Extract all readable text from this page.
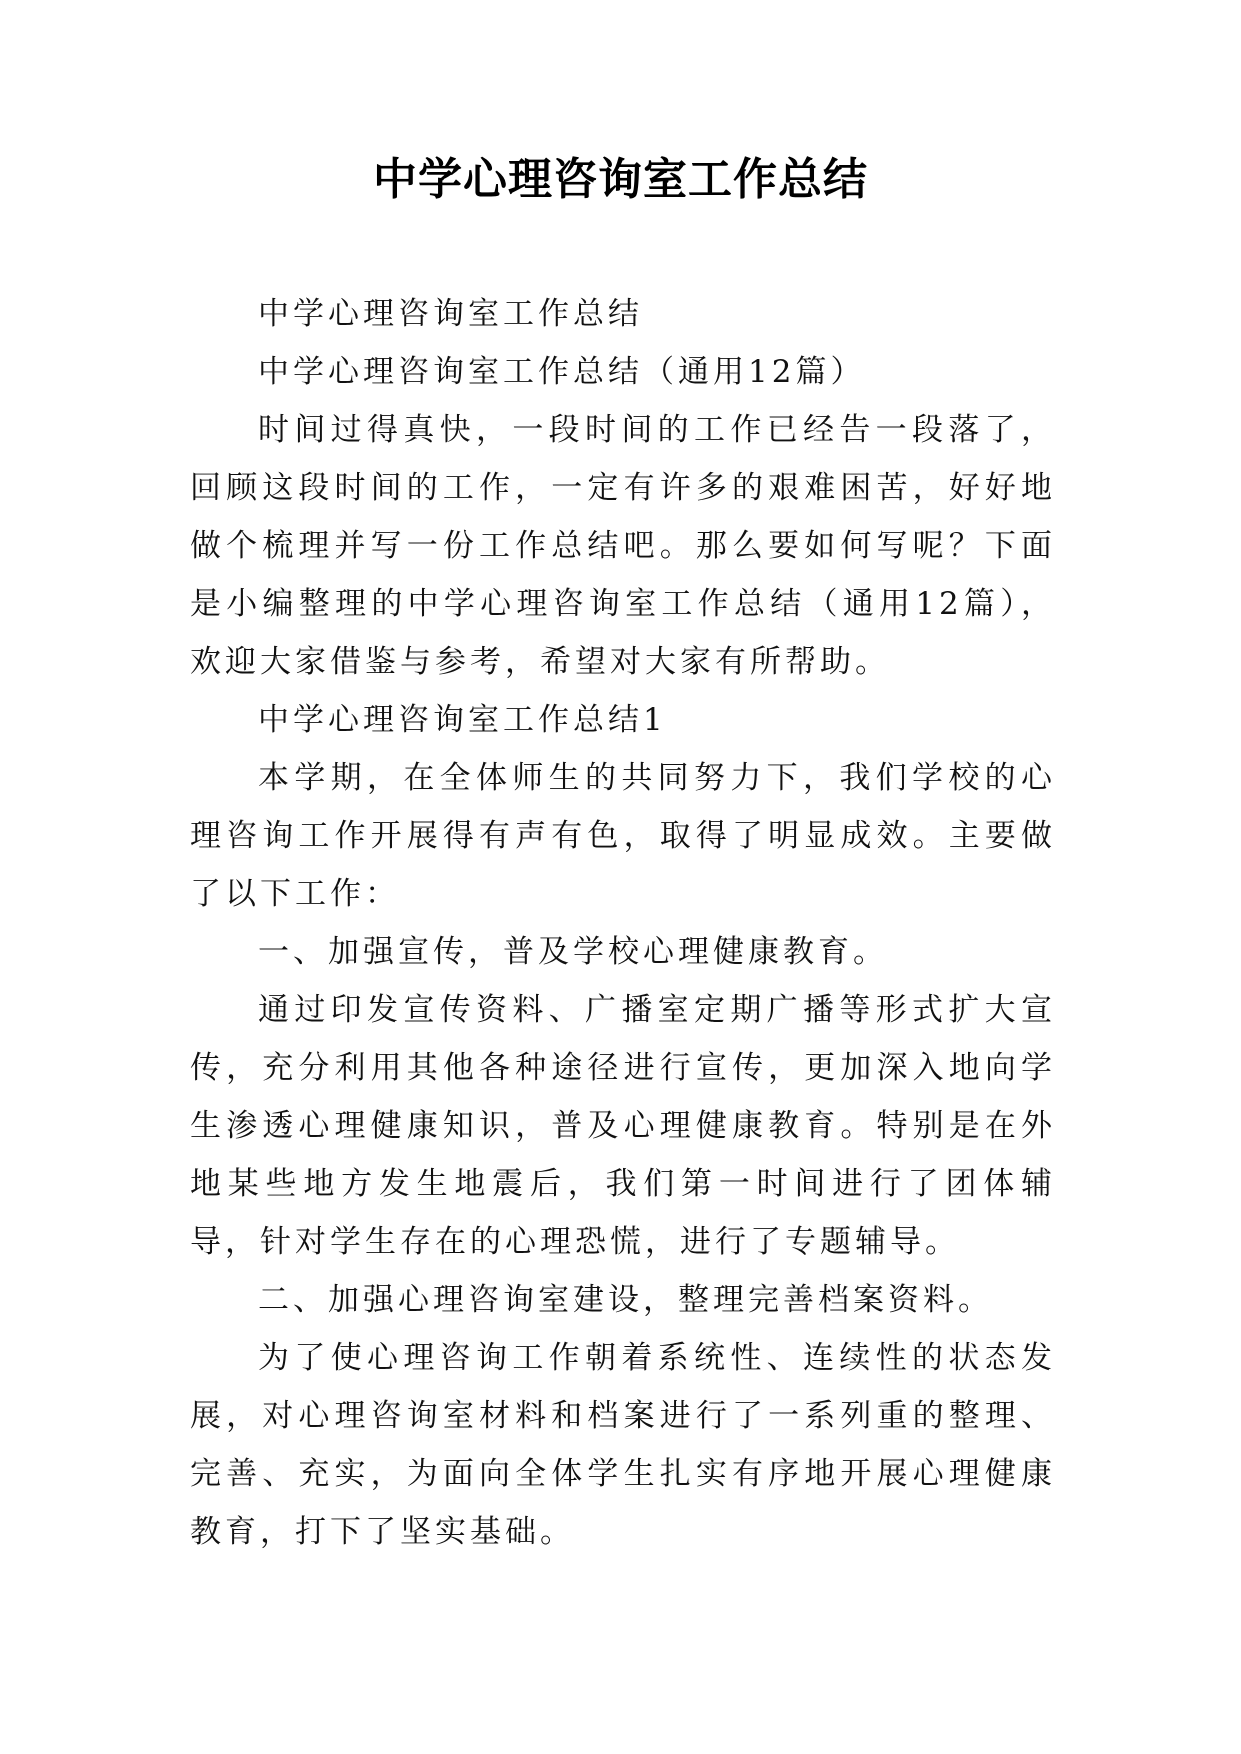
中学心理咨询室工作总结

中学心理咨询室工作总结

中学心理咨询室工作总结（通用12篇）

时间过得真快，一段时间的工作已经告一段落了，回顾这段时间的工作，一定有许多的艰难困苦，好好地做个梳理并写一份工作总结吧。那么要如何写呢？下面是小编整理的中学心理咨询室工作总结（通用12篇），欢迎大家借鉴与参考，希望对大家有所帮助。

中学心理咨询室工作总结1

本学期，在全体师生的共同努力下，我们学校的心理咨询工作开展得有声有色，取得了明显成效。主要做了以下工作：

一、加强宣传，普及学校心理健康教育。

通过印发宣传资料、广播室定期广播等形式扩大宣传，充分利用其他各种途径进行宣传，更加深入地向学生渗透心理健康知识，普及心理健康教育。特别是在外地某些地方发生地震后，我们第一时间进行了团体辅导，针对学生存在的心理恐慌，进行了专题辅导。

二、加强心理咨询室建设，整理完善档案资料。

为了使心理咨询工作朝着系统性、连续性的状态发展，对心理咨询室材料和档案进行了一系列重的整理、完善、充实，为面向全体学生扎实有序地开展心理健康教育，打下了坚实基础。
